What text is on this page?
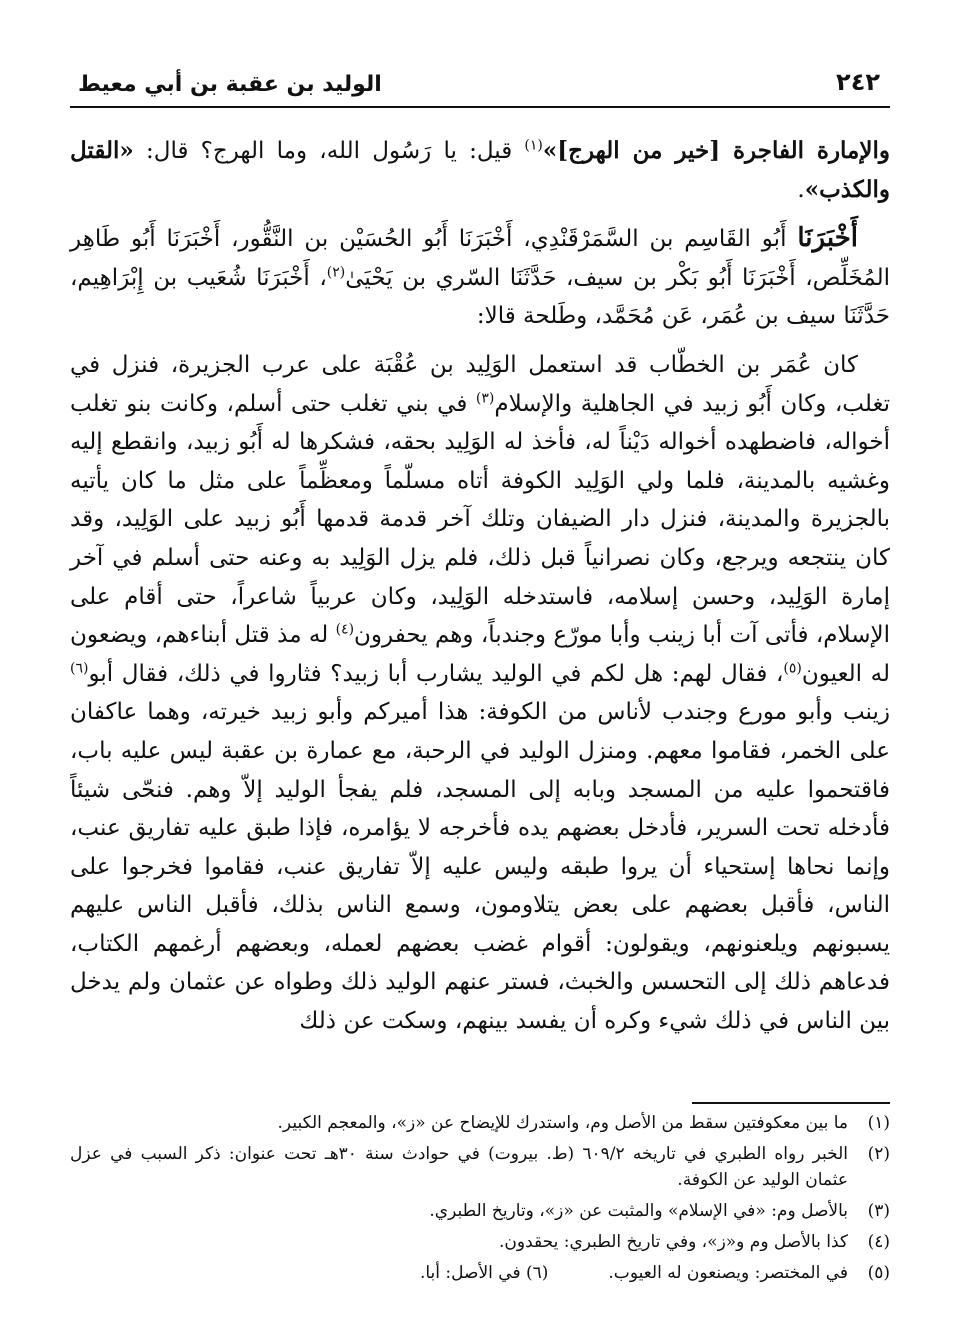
٢٤٢
الوليد بن عقبة بن أبي معيط

والإمارة الفاجرة [خير من الهرج]»$^{(١)}$ قيل: يا رَسُول الله، وما الهرج؟ قال: «القتل والكذب».

أَخْبَرَنَا أَبُو القَاسِم بن السَّمَرْقَنْدِي، أَخْبَرَنَا أَبُو الحُسَيْن بن النَّقُّور، أَخْبَرَنَا أَبُو طَاهِر المُخَلِّص، أَخْبَرَنَا أَبُو بَكْر بن سيف، حَدَّثَنَا السّري بن يَحْيَىٰ$^{(٢)}$، أَخْبَرَنَا شُعَيب بن إِبْرَاهِيم، حَدَّثَنَا سيف بن عُمَر، عَن مُحَمَّد، وطَلحة قالا:

كان عُمَر بن الخطّاب قد استعمل الوَلِيد بن عُقْبَة على عرب الجزيرة، فنزل في تغلب، وكان أَبُو زبيد في الجاهلية والإسلام$^{(٣)}$ في بني تغلب حتى أسلم، وكانت بنو تغلب أخواله، فاضطهده أخواله دَيْناً له، فأخذ له الوَلِيد بحقه، فشكرها له أَبُو زبيد، وانقطع إليه وغشيه بالمدينة، فلما ولي الوَلِيد الكوفة أتاه مسلّماً ومعظِّماً على مثل ما كان يأتيه بالجزيرة والمدينة، فنزل دار الضيفان وتلك آخر قدمة قدمها أَبُو زبيد على الوَلِيد، وقد كان ينتجعه ويرجع، وكان نصرانياً قبل ذلك، فلم يزل الوَلِيد به وعنه حتى أسلم في آخر إمارة الوَلِيد، وحسن إسلامه، فاستدخله الوَلِيد، وكان عربياً شاعراً، حتى أقام على الإسلام، فأتى آت أبا زينب وأبا مورّع وجندباً، وهم يحفرون$^{(٤)}$ له مذ قتل أبناءهم، ويضعون له العيون$^{(٥)}$، فقال لهم: هل لكم في الوليد يشارب أبا زبيد؟ فثاروا في ذلك، فقال أبو$^{(٦)}$ زينب وأبو مورع وجندب لأناس من الكوفة: هذا أميركم وأبو زبيد خيرته، وهما عاكفان على الخمر، فقاموا معهم. ومنزل الوليد في الرحبة، مع عمارة بن عقبة ليس عليه باب، فاقتحموا عليه من المسجد وبابه إلى المسجد، فلم يفجأ الوليد إلاّ وهم. فنحّى شيئاً فأدخله تحت السرير، فأدخل بعضهم يده فأخرجه لا يؤامره، فإذا طبق عليه تفاريق عنب، وإنما نحاها إستحياء أن يروا طبقه وليس عليه إلاّ تفاريق عنب، فقاموا فخرجوا على الناس، فأقبل بعضهم على بعض يتلاومون، وسمع الناس بذلك، فأقبل الناس عليهم يسبونهم ويلعنونهم، ويقولون: أقوام غضب بعضهم لعمله، وبعضهم أرغمهم الكتاب، فدعاهم ذلك إلى التحسس والخبث، فستر عنهم الوليد ذلك وطواه عن عثمان ولم يدخل بين الناس في ذلك شيء وكره أن يفسد بينهم، وسكت عن ذلك

(١)
ما بين معكوفتين سقط من الأصل وم، واستدرك للإيضاح عن «ز»، والمعجم الكبير.
(٢)
الخبر رواه الطبري في تاريخه ٦٠٩/٢ (ط. بيروت) في حوادث سنة ٣٠هـ تحت عنوان: ذكر السبب في عزل عثمان الوليد عن الكوفة.
(٣)
بالأصل وم: «في الإسلام» والمثبت عن «ز»، وتاريخ الطبري.
(٤)
كذا بالأصل وم و«ز»، وفي تاريخ الطبري: يحقدون.
(٥)
في المختصر: ويصنعون له العيوب.(٦) في الأصل: أبا.
